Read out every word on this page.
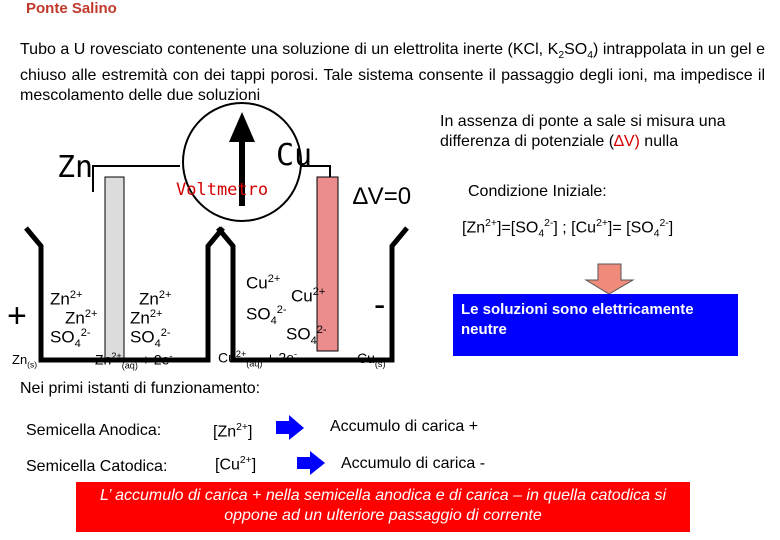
Ponte Salino
Tubo a U rovesciato contenente una soluzione di un elettrolita inerte (KCl, $K_2SO_4$) intrappolata in un gel e chiuso alle estremità con dei tappi porosi. Tale sistema consente il passaggio degli ioni, ma impedisce il mescolamento delle due soluzioni
Zn	Cu
Voltmetro	∆V=0
In assenza di ponte a sale si misura una differenza di potenziale (∆V) nulla
Condizione Iniziale:
$[Zn^{2+}]=[SO_4^{2-}]$ ; $[Cu^{2+}]= [SO_4^{2-}]$
+	-
$Zn^{2+}$
$Zn^{2+}$
$SO_4^{2-}$
$Zn^{2+}$
$Zn^{2+}$
$SO_4^{2-}$
$Cu^{2+}$
$Cu^{2+}$
$SO_4^{2-}$
$SO_4^{2-}$
$Zn_{(s)}$	$Zn^{2+}_{(aq)} + 2e^-$	$Cu^{2+}_{(aq)} + 2e^-$	$Cu_{(s)}$
Le soluzioni sono elettricamente neutre
Nei primi istanti di funzionamento:
Semicella Anodica:	$[Zn^{2+}]$	Accumulo di carica +
Semicella Catodica:	$[Cu^{2+}]$	Accumulo di carica -
L’ accumulo di carica + nella semicella anodica e di carica – in quella catodica si oppone ad un ulteriore passaggio di corrente
